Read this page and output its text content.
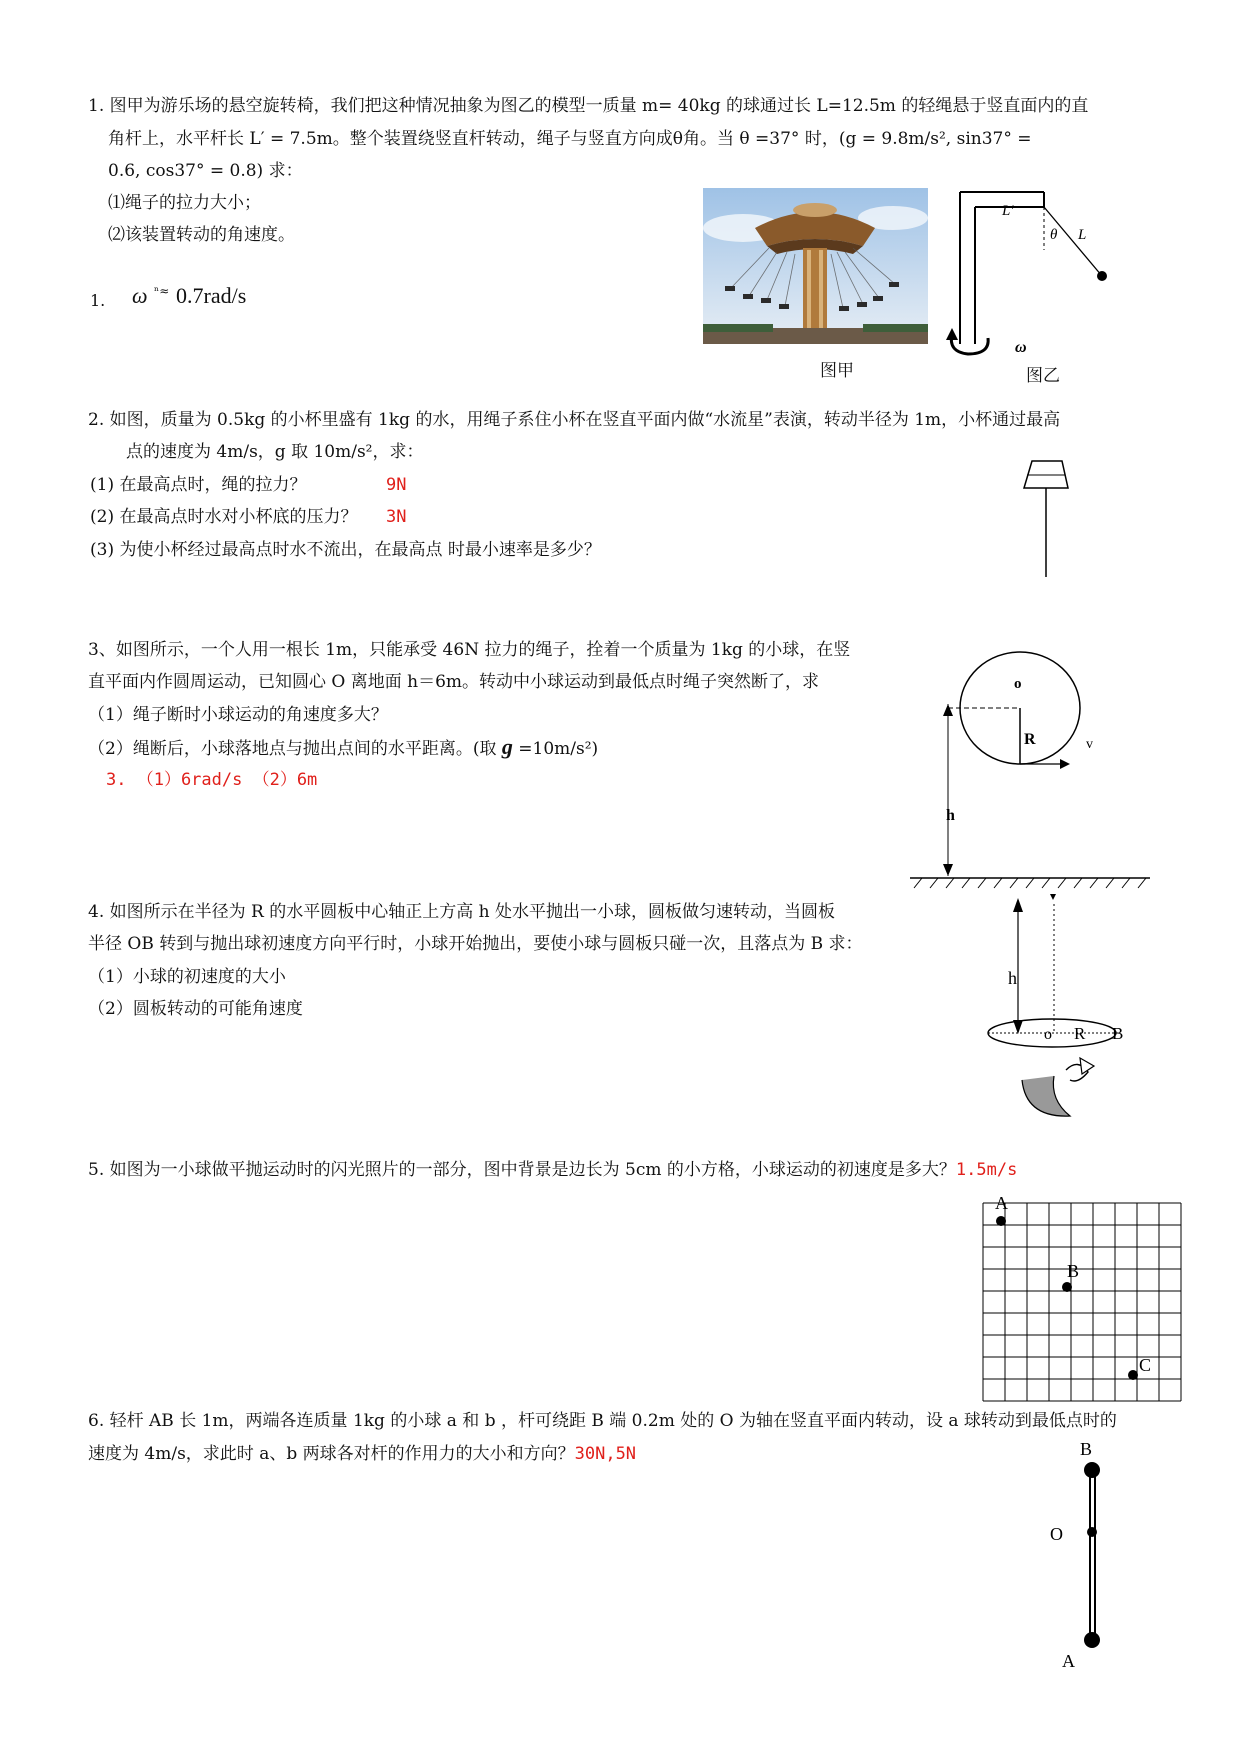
1. 图甲为游乐场的悬空旋转椅，我们把这种情况抽象为图乙的模型一质量 m= 40kg 的球通过长 L=12.5m 的轻绳悬于竖直面内的直
角杆上，水平杆长 L′ = 7.5m。整个装置绕竖直杆转动，绳子与竖直方向成θ角。当 θ =37° 时，(g = 9.8m/s², sin37° =
0.6, cos37° = 0.8) 求：
⑴绳子的拉力大小；
⑵该装置转动的角速度。
1. ω ⁿ≈ 0.7rad/s
图甲	图乙
ω
L′
θ L
2. 如图，质量为 0.5kg 的小杯里盛有 1kg 的水，用绳子系住小杯在竖直平面内做“水流星”表演，转动半径为 1m，小杯通过最高
点的速度为 4m/s，g 取 10m/s²，求：
(1) 在最高点时，绳的拉力？	9N
(2) 在最高点时水对小杯底的压力？ 3N
(3) 为使小杯经过最高点时水不流出，在最高点 时最小速率是多少？
3、如图所示，一个人用一根长 1m，只能承受 46N 拉力的绳子，拴着一个质量为 1kg 的小球，在竖
直平面内作圆周运动，已知圆心 O 离地面 h＝6m。转动中小球运动到最低点时绳子突然断了，求
（1）绳子断时小球运动的角速度多大？
（2）绳断后，小球落地点与抛出点间的水平距离。(取 g =10m/s²)
3. （1）6rad/s （2）6m
o
R	v
h
4. 如图所示在半径为 R 的水平圆板中心轴正上方高 h 处水平抛出一小球，圆板做匀速转动，当圆板
半径 OB 转到与抛出球初速度方向平行时，小球开始抛出，要使小球与圆板只碰一次，且落点为 B 求：
（1）小球的初速度的大小
（2）圆板转动的可能角速度
h
o R B
5. 如图为一小球做平抛运动时的闪光照片的一部分，图中背景是边长为 5cm 的小方格，小球运动的初速度是多大？1.5m/s
A
B
C
6. 轻杆 AB 长 1m，两端各连质量 1kg 的小球 a 和 b ，杆可绕距 B 端 0.2m 处的 O 为轴在竖直平面内转动，设 a 球转动到最低点时的
速度为 4m/s，求此时 a、b 两球各对杆的作用力的大小和方向？30N,5N	B
O
A
